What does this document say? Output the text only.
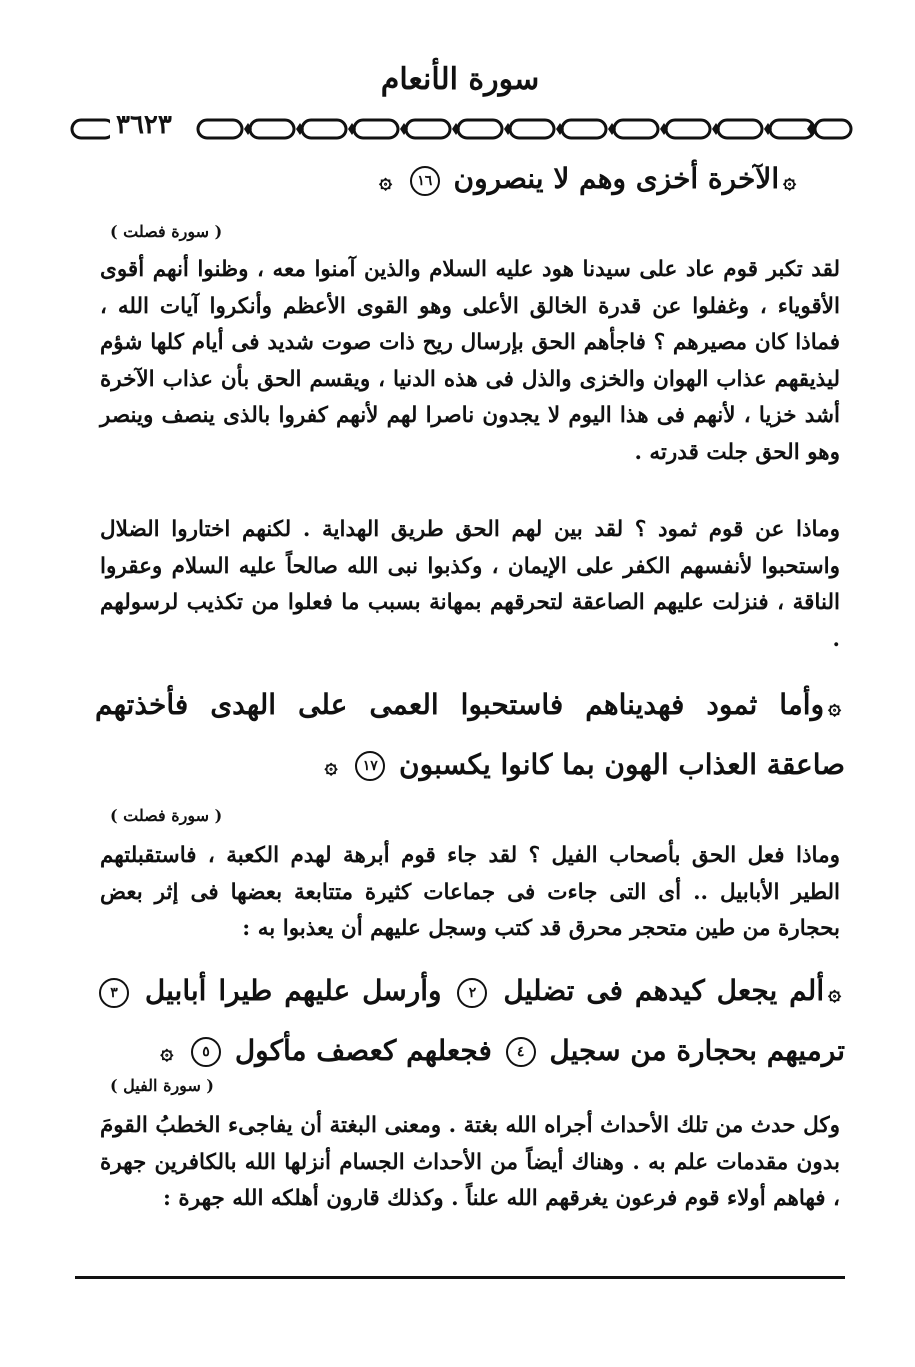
سورة الأنعام
٣٦٢٣
۞الآخرة أخزى وهم لا ينصرون ١٦ ۞
( سورة فصلت )
لقد تكبر قوم عاد على سيدنا هود عليه السلام والذين آمنوا معه ، وظنوا أنهم أقوى الأقوياء ، وغفلوا عن قدرة الخالق الأعلى وهو القوى الأعظم وأنكروا آيات الله ، فماذا كان مصيرهم ؟ فاجأهم الحق بإرسال ريح ذات صوت شديد فى أيام كلها شؤم ليذيقهم عذاب الهوان والخزى والذل فى هذه الدنيا ، ويقسم الحق بأن عذاب الآخرة أشد خزيا ، لأنهم فى هذا اليوم لا يجدون ناصرا لهم لأنهم كفروا بالذى ينصف وينصر وهو الحق جلت قدرته .
وماذا عن قوم ثمود ؟ لقد بين لهم الحق طريق الهداية . لكنهم اختاروا الضلال واستحبوا لأنفسهم الكفر على الإيمان ، وكذبوا نبى الله صالحاً عليه السلام وعقروا الناقة ، فنزلت عليهم الصاعقة لتحرقهم بمهانة بسبب ما فعلوا من تكذيب لرسولهم .
۞وأما ثمود فهديناهم فاستحبوا العمى على الهدى فأخذتهم صاعقة العذاب الهون بما كانوا يكسبون ١٧ ۞
( سورة فصلت )
وماذا فعل الحق بأصحاب الفيل ؟ لقد جاء قوم أبرهة لهدم الكعبة ، فاستقبلتهم الطير الأبابيل .. أى التى جاءت فى جماعات كثيرة متتابعة بعضها فى إثر بعض بحجارة من طين متحجر محرق قد كتب وسجل عليهم أن يعذبوا به :
۞ألم يجعل كيدهم فى تضليل ٢ وأرسل عليهم طيرا أبابيل ٣ ترميهم بحجارة من سجيل ٤ فجعلهم كعصف مأكول ٥ ۞
( سورة الفيل )
وكل حدث من تلك الأحداث أجراه الله بغتة . ومعنى البغتة أن يفاجىء الخطبُ القومَ بدون مقدمات علم به . وهناك أيضاً من الأحداث الجسام أنزلها الله بالكافرين جهرة ، فهاهم أولاء قوم فرعون يغرقهم الله علناً . وكذلك قارون أهلكه الله جهرة :
